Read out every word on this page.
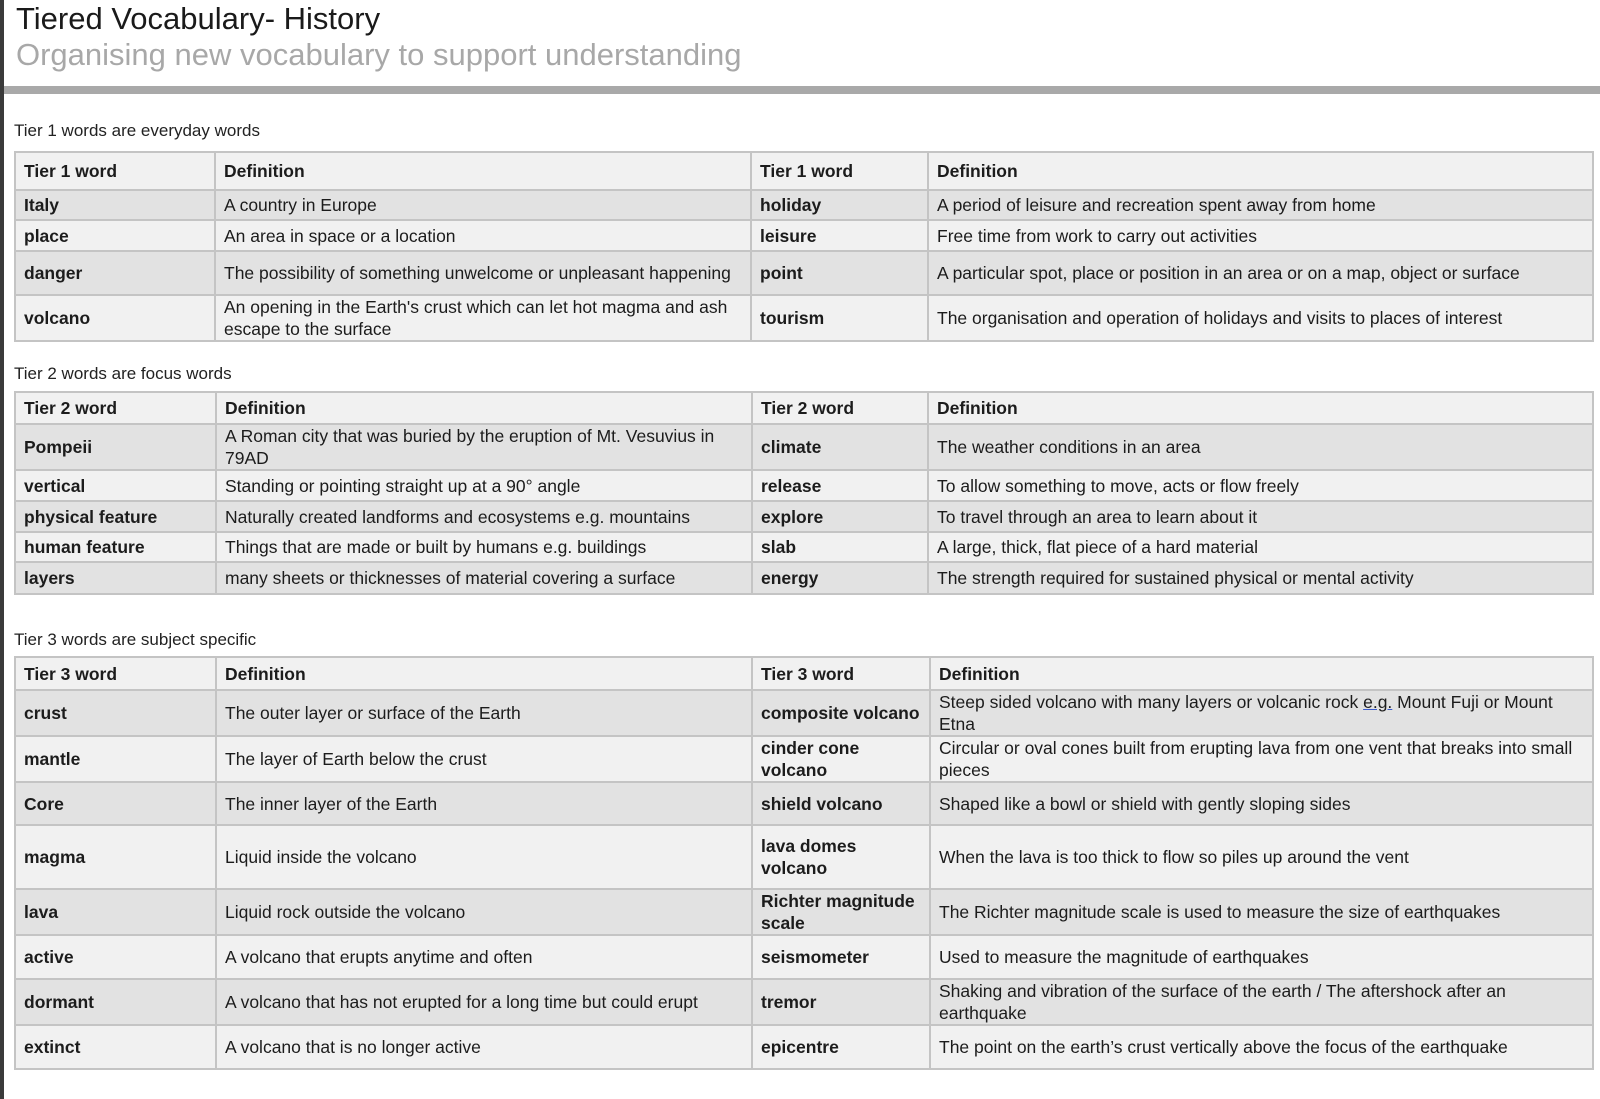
Tiered Vocabulary- History
Organising new vocabulary to support understanding
Tier 1 words are everyday words
Tier 1 word	Definition	Tier 1 word	Definition
Italy	A country in Europe	holiday	A period of leisure and recreation spent away from home
place	An area in space or a location	leisure	Free time from work to carry out activities
danger	The possibility of something unwelcome or unpleasant happening	point	A particular spot, place or position in an area or on a map, object or surface
volcano	An opening in the Earth's crust which can let hot magma and ash escape to the surface	tourism	The organisation and operation of holidays and visits to places of interest
Tier 2 words are focus words
Tier 2 word	Definition	Tier 2 word	Definition
Pompeii	A Roman city that was buried by the eruption of Mt. Vesuvius in 79AD	climate	The weather conditions in an area
vertical	Standing or pointing straight up at a 90° angle	release	To allow something to move, acts or flow freely
physical feature	Naturally created landforms and ecosystems e.g. mountains	explore	To travel through an area to learn about it
human feature	Things that are made or built by humans e.g. buildings	slab	A large, thick, flat piece of a hard material
layers	many sheets or thicknesses of material covering a surface	energy	The strength required for sustained physical or mental activity
Tier 3 words are subject specific
Tier 3 word	Definition	Tier 3 word	Definition
crust	The outer layer or surface of the Earth	composite volcano	Steep sided volcano with many layers or volcanic rock e.g. Mount Fuji or Mount Etna
mantle	The layer of Earth below the crust	cinder cone volcano	Circular or oval cones built from erupting lava from one vent that breaks into small pieces
Core	The inner layer of the Earth	shield volcano	Shaped like a bowl or shield with gently sloping sides
magma	Liquid inside the volcano	lava domes volcano	When the lava is too thick to flow so piles up around the vent
lava	Liquid rock outside the volcano	Richter magnitude scale	The Richter magnitude scale is used to measure the size of earthquakes
active	A volcano that erupts anytime and often	seismometer	Used to measure the magnitude of earthquakes
dormant	A volcano that has not erupted for a long time but could erupt	tremor	Shaking and vibration of the surface of the earth / The aftershock after an earthquake
extinct	A volcano that is no longer active	epicentre	The point on the earth’s crust vertically above the focus of the earthquake
